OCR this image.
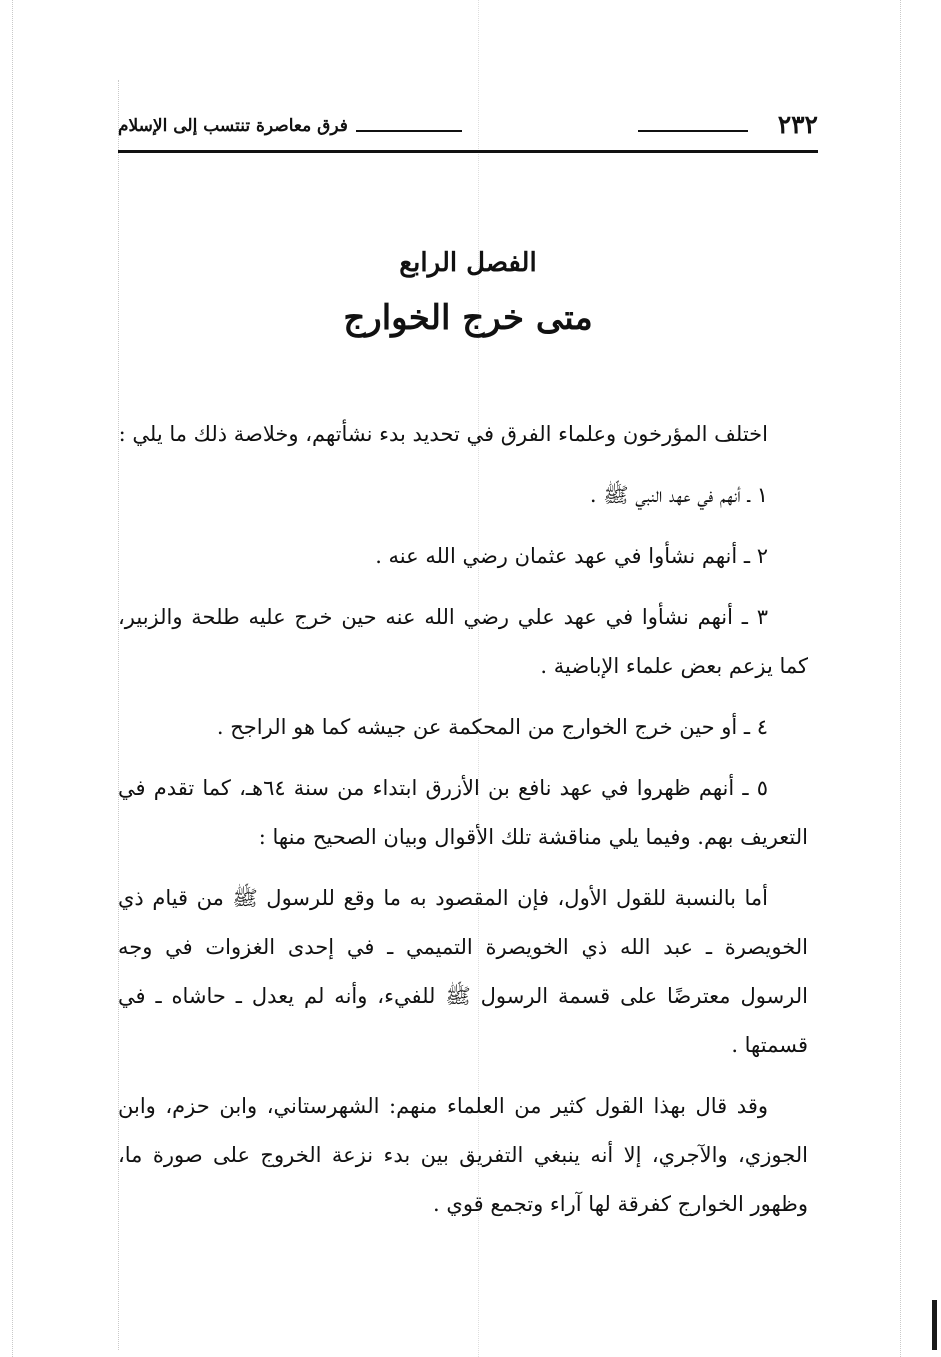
٢٣٢
فرق معاصرة تنتسب إلى الإسلام
الفصل الرابع
متى خرج الخوارج

اختلف المؤرخون وعلماء الفرق في تحديد بدء نشأتهم، وخلاصة ذلك ما يلي :

١ ـ أنهم في عهد النبي ﷺ .

٢ ـ أنهم نشأوا في عهد عثمان رضي الله عنه .

٣ ـ أنهم نشأوا في عهد علي رضي الله عنه حين خرج عليه طلحة والزبير، كما يزعم بعض علماء الإباضية .

٤ ـ أو حين خرج الخوارج من المحكمة عن جيشه كما هو الراجح .

٥ ـ أنهم ظهروا في عهد نافع بن الأزرق ابتداء من سنة ٦٤هـ، كما تقدم في التعريف بهم. وفيما يلي مناقشة تلك الأقوال وبيان الصحيح منها :

أما بالنسبة للقول الأول، فإن المقصود به ما وقع للرسول ﷺ من قيام ذي الخويصرة ـ عبد الله ذي الخويصرة التميمي ـ في إحدى الغزوات في وجه الرسول معترضًا على قسمة الرسول ﷺ للفيء، وأنه لم يعدل ـ حاشاه ـ في قسمتها .

وقد قال بهذا القول كثير من العلماء منهم: الشهرستاني، وابن حزم، وابن الجوزي، والآجري، إلا أنه ينبغي التفريق بين بدء نزعة الخروج على صورة ما، وظهور الخوارج كفرقة لها آراء وتجمع قوي .
